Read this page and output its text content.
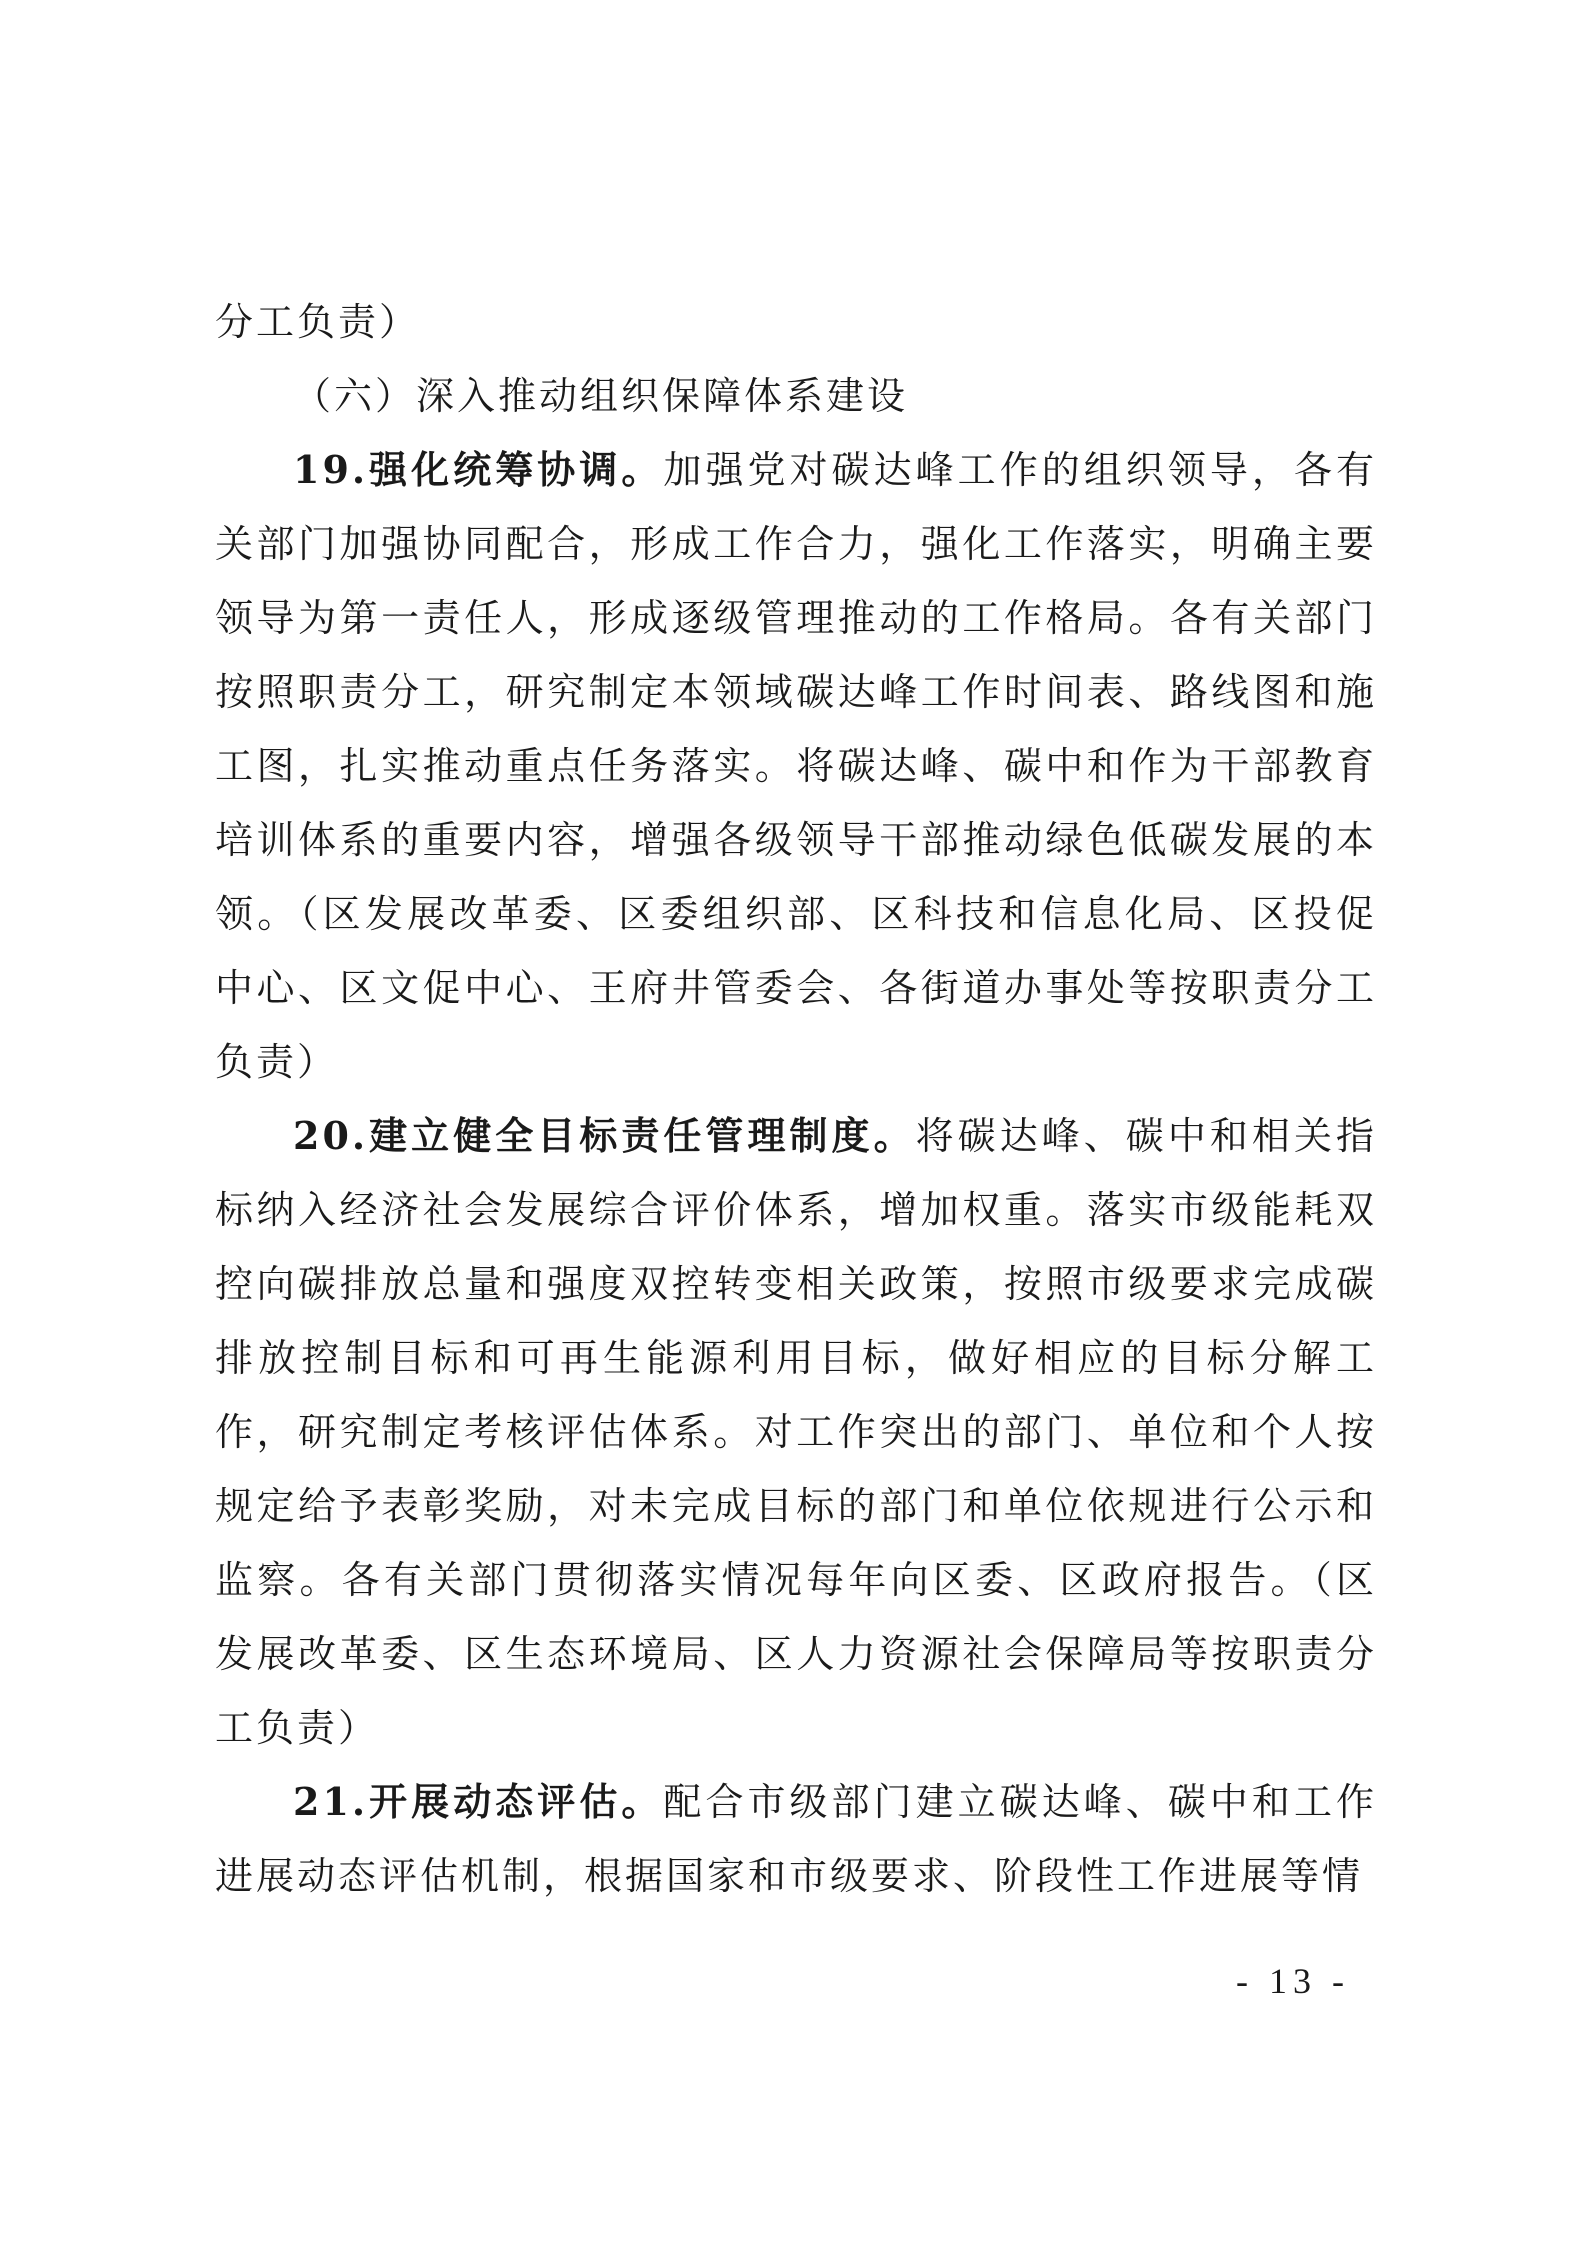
分工负责）

（六）深入推动组织保障体系建设

19.强化统筹协调。加强党对碳达峰工作的组织领导，各有关部门加强协同配合，形成工作合力，强化工作落实，明确主要领导为第一责任人，形成逐级管理推动的工作格局。各有关部门按照职责分工，研究制定本领域碳达峰工作时间表、路线图和施工图，扎实推动重点任务落实。将碳达峰、碳中和作为干部教育培训体系的重要内容，增强各级领导干部推动绿色低碳发展的本领。（区发展改革委、区委组织部、区科技和信息化局、区投促中心、区文促中心、王府井管委会、各街道办事处等按职责分工负责）

20.建立健全目标责任管理制度。将碳达峰、碳中和相关指标纳入经济社会发展综合评价体系，增加权重。落实市级能耗双控向碳排放总量和强度双控转变相关政策，按照市级要求完成碳排放控制目标和可再生能源利用目标，做好相应的目标分解工作，研究制定考核评估体系。对工作突出的部门、单位和个人按规定给予表彰奖励，对未完成目标的部门和单位依规进行公示和监察。各有关部门贯彻落实情况每年向区委、区政府报告。（区发展改革委、区生态环境局、区人力资源社会保障局等按职责分工负责）

21.开展动态评估。配合市级部门建立碳达峰、碳中和工作进展动态评估机制，根据国家和市级要求、阶段性工作进展等情

- 13 -
